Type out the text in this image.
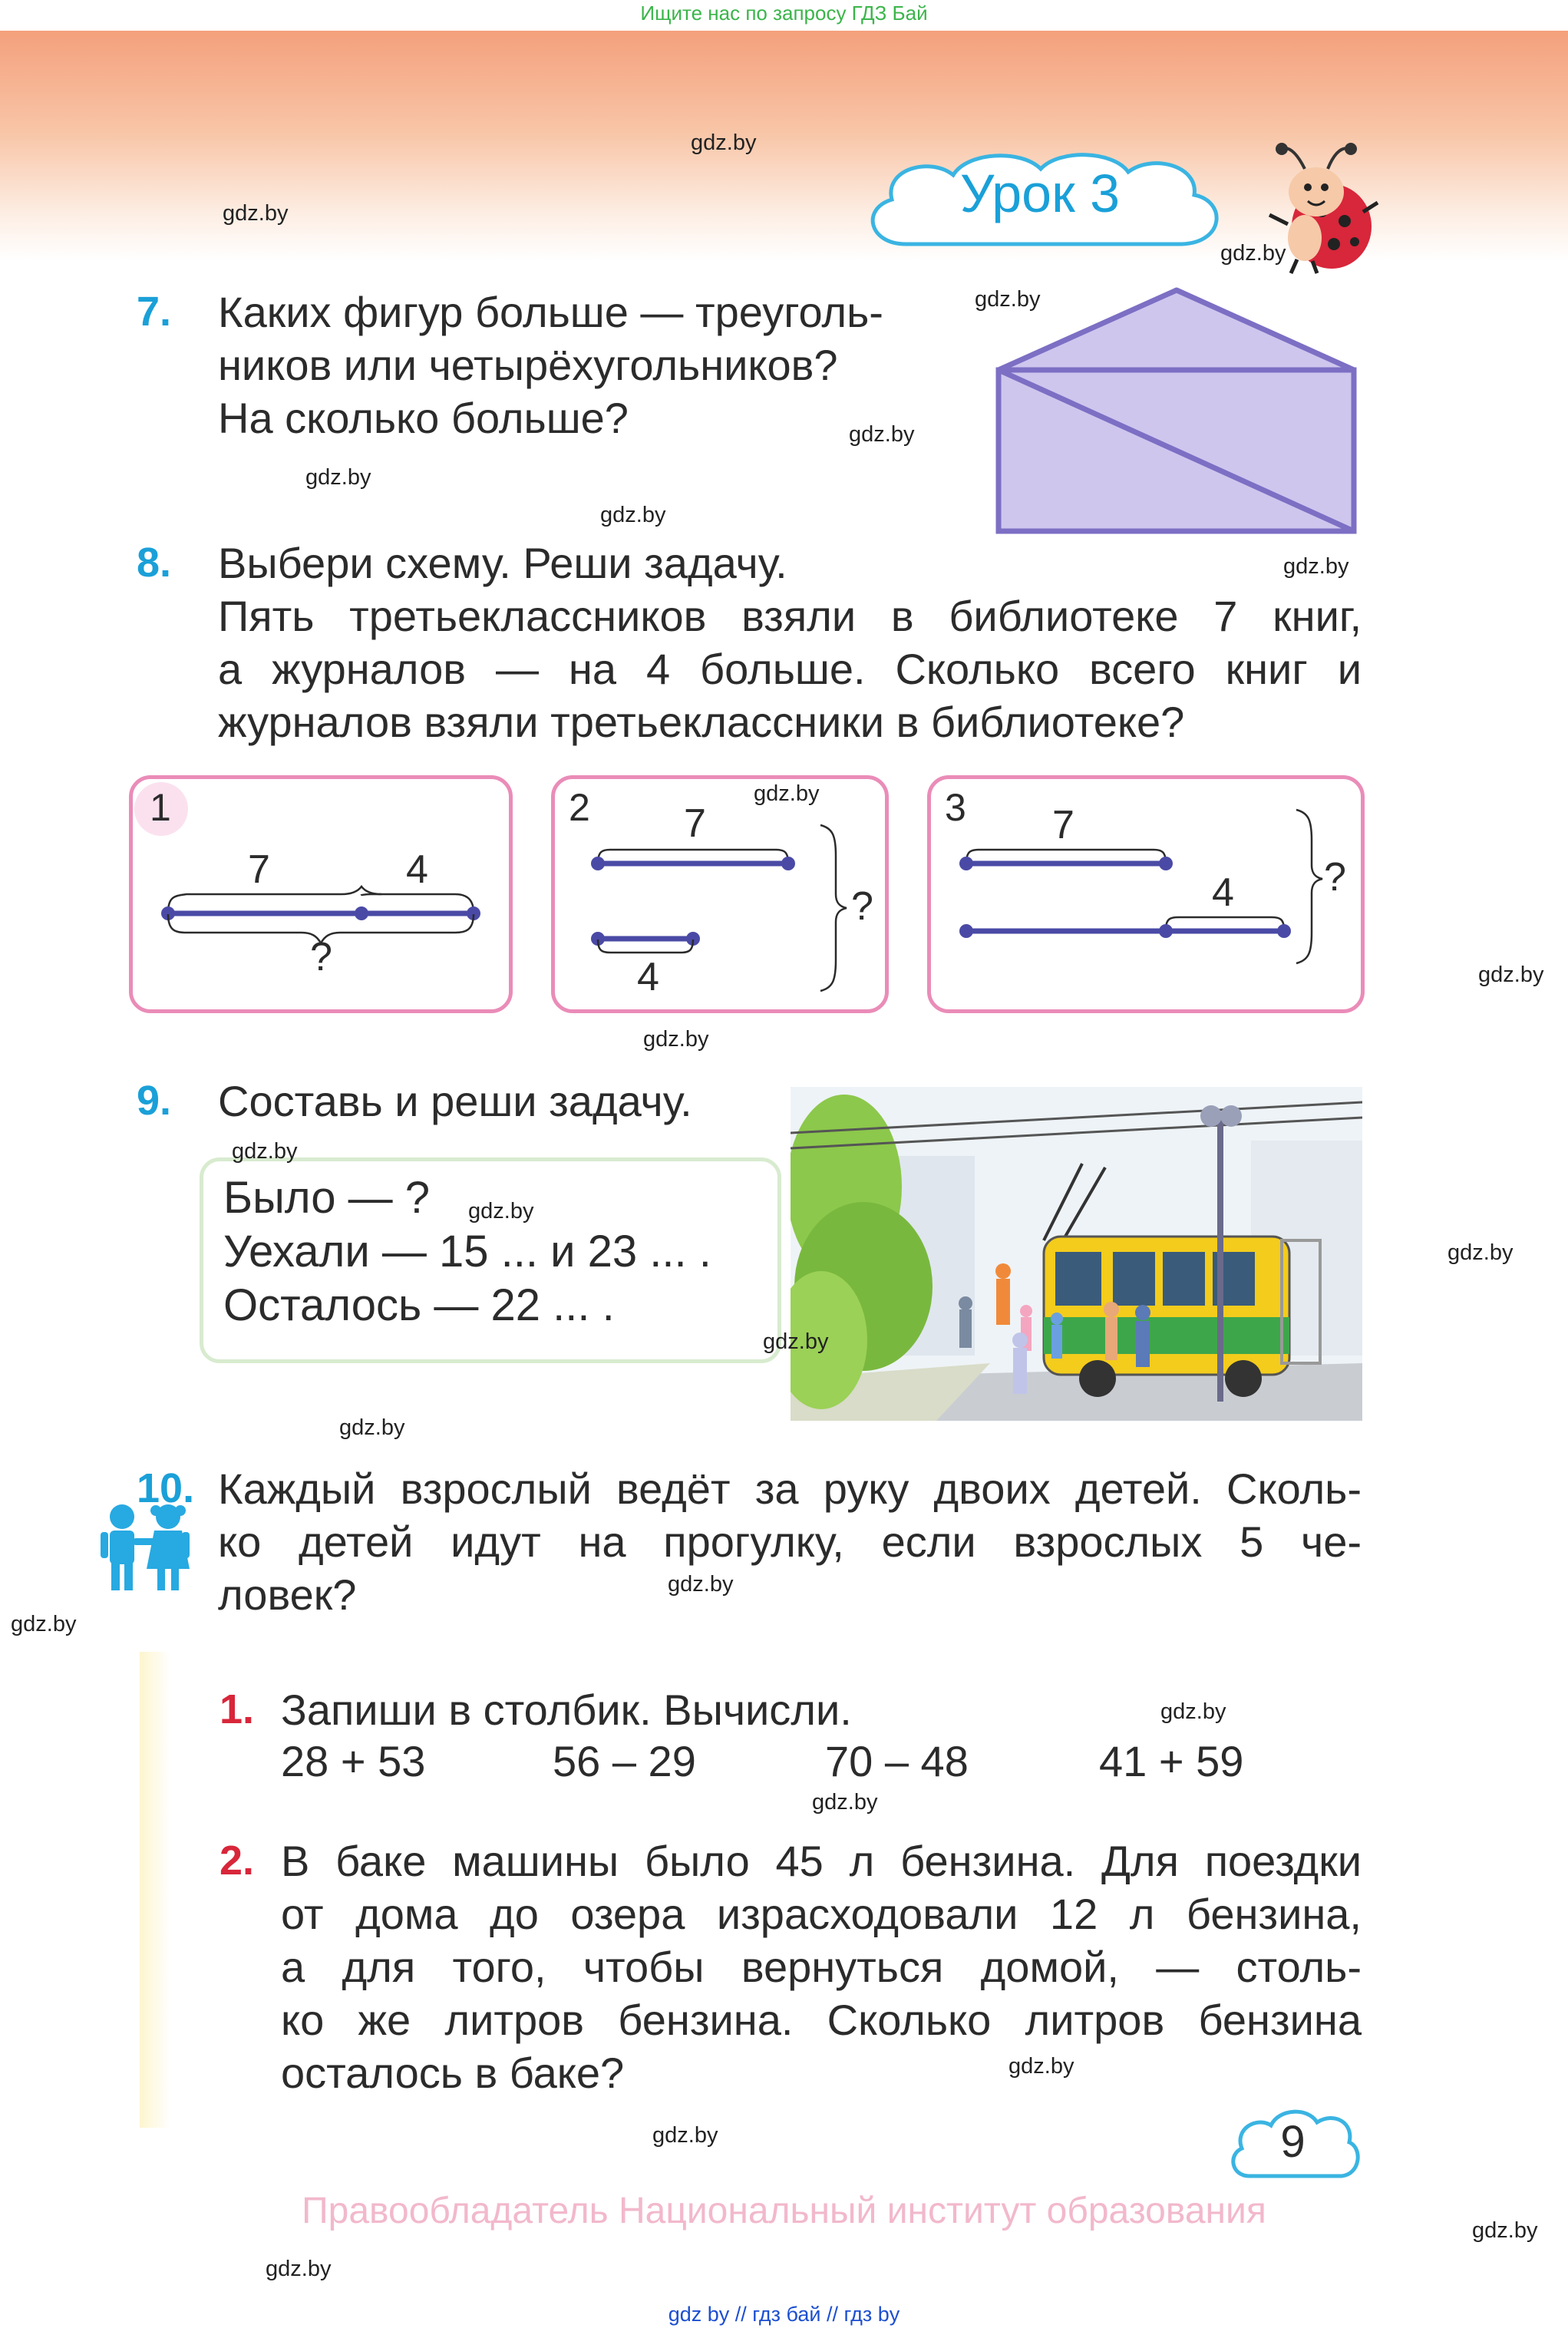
Ищите нас по запросу ГДЗ Бай
Урок 3
7. Каких фигур больше — треуголь-
ников или четырёхугольников?
На сколько больше?
8. Выбери схему. Реши задачу.
Пять третьеклассников взяли в библиотеке 7 книг,
а журналов — на 4 больше. Сколько всего книг и
журналов взяли третьеклассники в библиотеке?
1
7	4
?
2 7
4
?
3 7
4 ?
9. Составь и реши задачу.
Было — ?
Уехали — 15 ... и 23 ... .
Осталось — 22 ... .
10. Каждый взрослый ведёт за руку двоих детей. Сколь-
ко детей идут на прогулку, если взрослых 5 че-
ловек?
1. Запиши в столбик. Вычисли.
28 + 53	56 – 29	70 – 48	41 + 59
2. В баке машины было 45 л бензина. Для поездки
от дома до озера израсходовали 12 л бензина,
а для того, чтобы вернуться домой, — столь-
ко же литров бензина. Сколько литров бензина
осталось в баке?
9
Правообладатель Национальный институт образования
gdz by // гдз бай // гдз by
gdz.by
gdz.by
gdz.by
gdz.by
gdz.by
gdz.by
gdz.by
gdz.by
gdz.by
gdz.by
gdz.by
gdz.by
gdz.by
gdz.by
gdz.by
gdz.by
gdz.by
gdz.by
gdz.by
gdz.by
gdz.by
gdz.by
gdz.by
gdz.by
